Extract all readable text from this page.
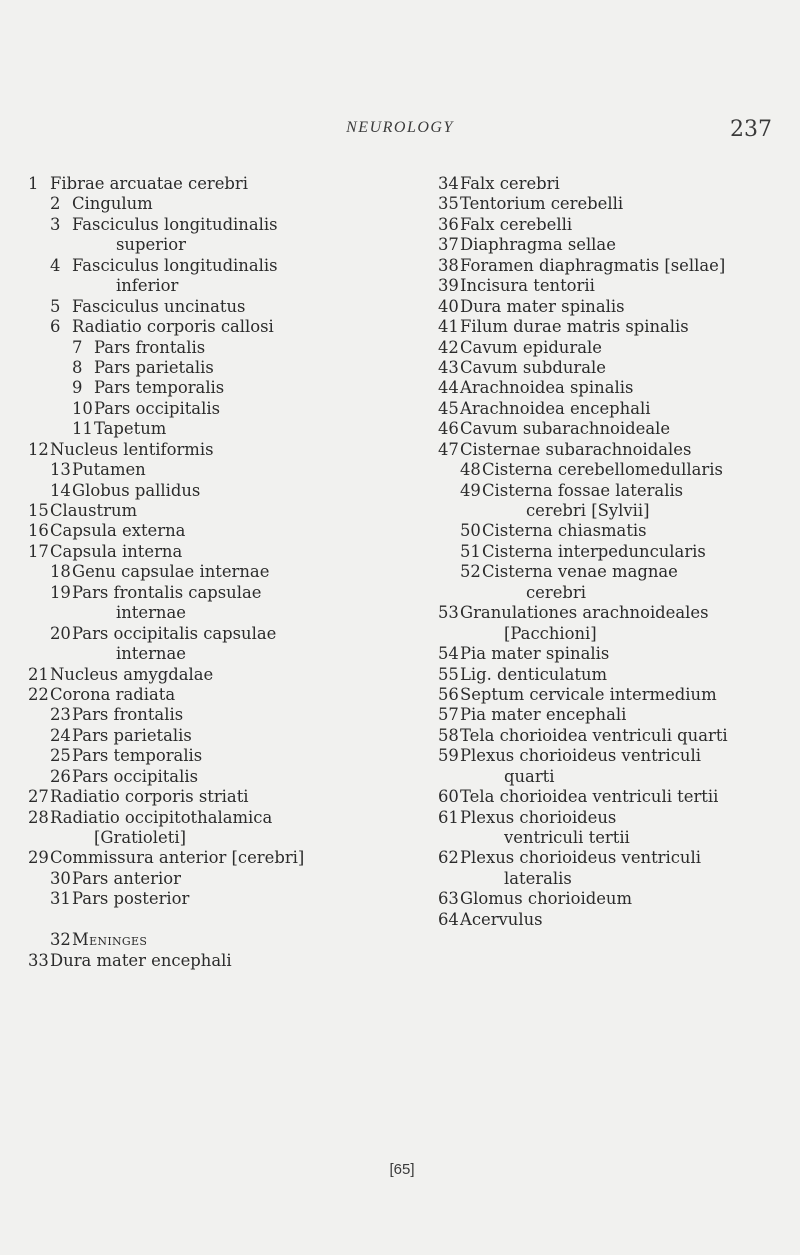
NEUROLOGY	237
1 Fibrae arcuatae cerebri
2 Cingulum
3 Fasciculus longitudinalis
superior
4 Fasciculus longitudinalis
inferior
5 Fasciculus uncinatus
6 Radiatio corporis callosi
7 Pars frontalis
8 Pars parietalis
9 Pars temporalis
10 Pars occipitalis
11 Tapetum
12 Nucleus lentiformis
13 Putamen
14 Globus pallidus
15 Claustrum
16 Capsula externa
17 Capsula interna
18 Genu capsulae internae
19 Pars frontalis capsulae
internae
20 Pars occipitalis capsulae
internae
21 Nucleus amygdalae
22 Corona radiata
23 Pars frontalis
24 Pars parietalis
25 Pars temporalis
26 Pars occipitalis
27 Radiatio corporis striati
28 Radiatio occipitothalamica
[Gratioleti]
29 Commissura anterior [cerebri]
30 Pars anterior
31 Pars posterior
32 Meninges
33 Dura mater encephali
34 Falx cerebri
35 Tentorium cerebelli
36 Falx cerebelli
37 Diaphragma sellae
38 Foramen diaphragmatis [sellae]
39 Incisura tentorii
40 Dura mater spinalis
41 Filum durae matris spinalis
42 Cavum epidurale
43 Cavum subdurale
44 Arachnoidea spinalis
45 Arachnoidea encephali
46 Cavum subarachnoideale
47 Cisternae subarachnoidales
48 Cisterna cerebellomedullaris
49 Cisterna fossae lateralis
cerebri [Sylvii]
50 Cisterna chiasmatis
51 Cisterna interpeduncularis
52 Cisterna venae magnae
cerebri
53 Granulationes arachnoideales
[Pacchioni]
54 Pia mater spinalis
55 Lig. denticulatum
56 Septum cervicale intermedium
57 Pia mater encephali
58 Tela chorioidea ventriculi quarti
59 Plexus chorioideus ventriculi
quarti
60 Tela chorioidea ventriculi tertii
61 Plexus chorioideus
ventriculi tertii
62 Plexus chorioideus ventriculi
lateralis
63 Glomus chorioideum
64 Acervulus
[65]
